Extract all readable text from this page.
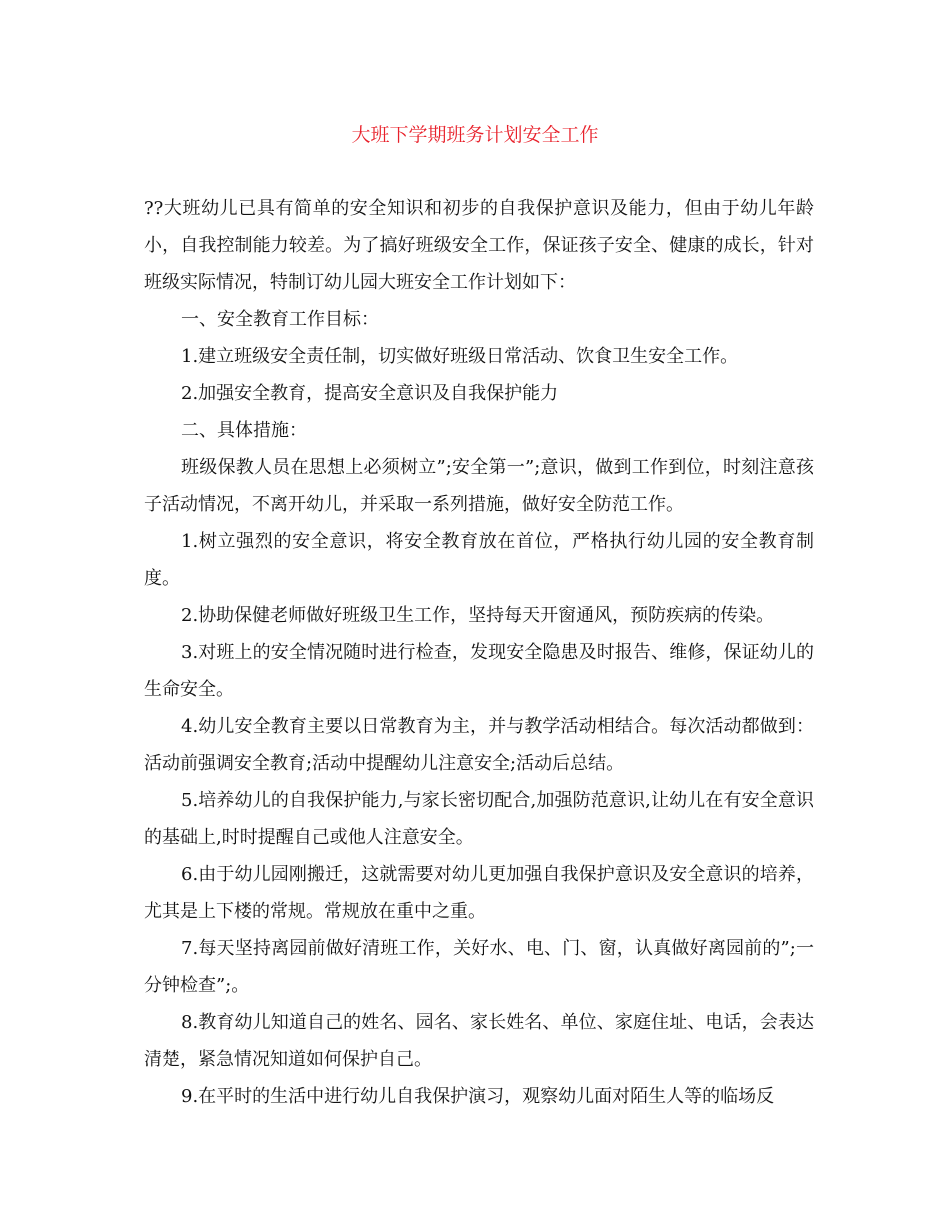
大班下学期班务计划安全工作

??大班幼儿已具有简单的安全知识和初步的自我保护意识及能力，但由于幼儿年龄小，自我控制能力较差。为了搞好班级安全工作，保证孩子安全、健康的成长，针对班级实际情况，特制订幼儿园大班安全工作计划如下：

一、安全教育工作目标：

1.建立班级安全责任制，切实做好班级日常活动、饮食卫生安全工作。

2.加强安全教育，提高安全意识及自我保护能力

二、具体措施：

班级保教人员在思想上必须树立”;安全第一”;意识，做到工作到位，时刻注意孩子活动情况，不离开幼儿，并采取一系列措施，做好安全防范工作。

1.树立强烈的安全意识，将安全教育放在首位，严格执行幼儿园的安全教育制度。

2.协助保健老师做好班级卫生工作，坚持每天开窗通风，预防疾病的传染。

3.对班上的安全情况随时进行检查，发现安全隐患及时报告、维修，保证幼儿的生命安全。

4.幼儿安全教育主要以日常教育为主，并与教学活动相结合。每次活动都做到：活动前强调安全教育;活动中提醒幼儿注意安全;活动后总结。

5.培养幼儿的自我保护能力,与家长密切配合,加强防范意识,让幼儿在有安全意识的基础上,时时提醒自己或他人注意安全。

6.由于幼儿园刚搬迁，这就需要对幼儿更加强自我保护意识及安全意识的培养，尤其是上下楼的常规。常规放在重中之重。

7.每天坚持离园前做好清班工作，关好水、电、门、窗，认真做好离园前的”;一分钟检查”;。

8.教育幼儿知道自己的姓名、园名、家长姓名、单位、家庭住址、电话，会表达清楚，紧急情况知道如何保护自己。

9.在平时的生活中进行幼儿自我保护演习，观察幼儿面对陌生人等的临场反
